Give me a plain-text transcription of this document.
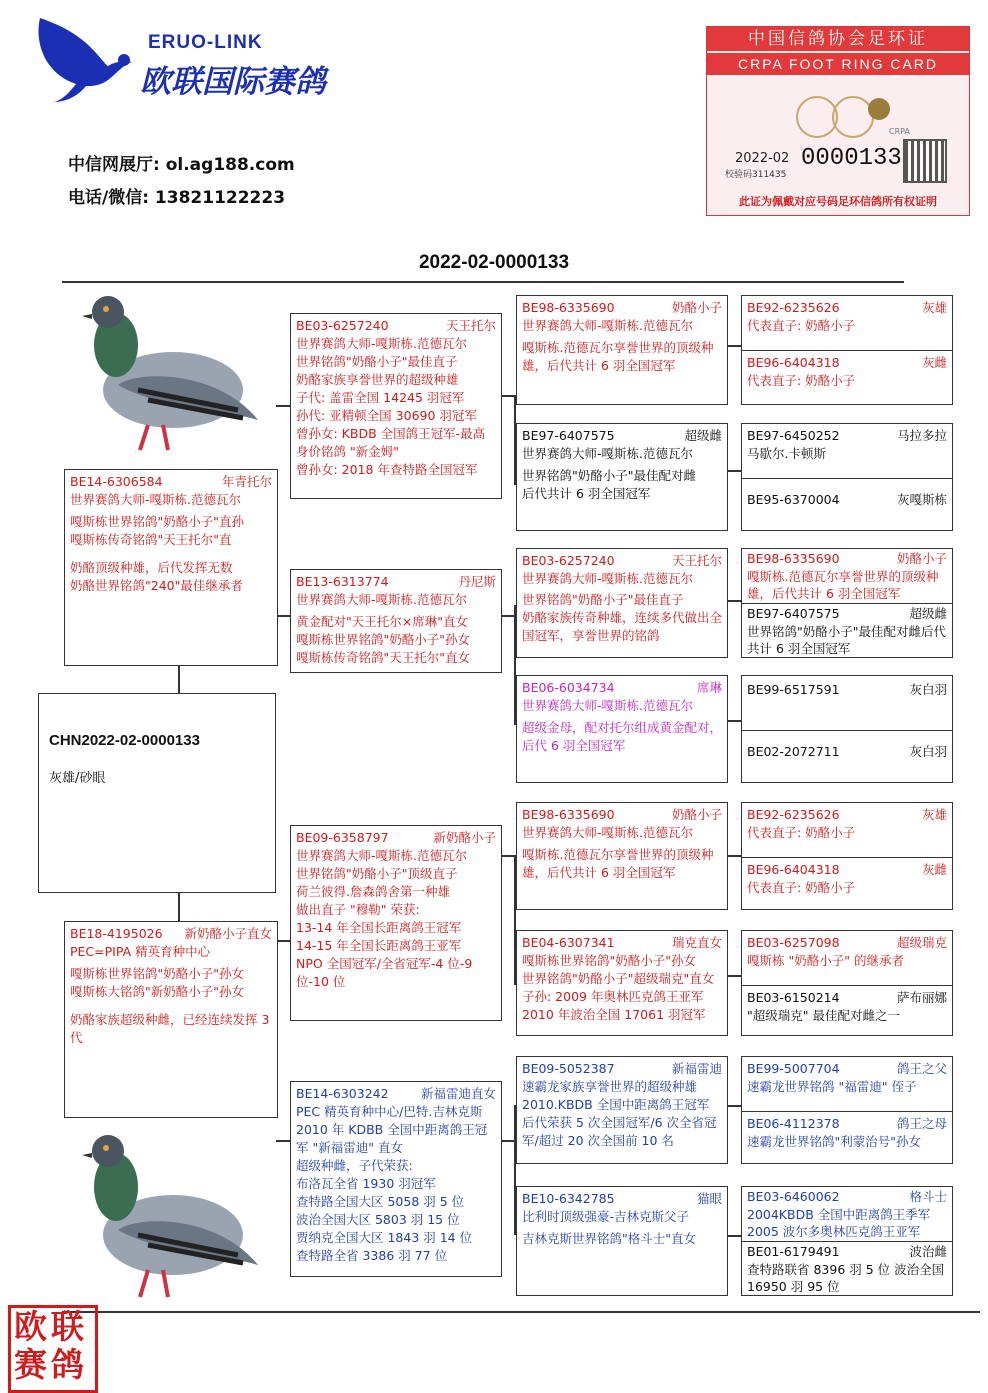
ERUO-LINK
欧联国际赛鸽
中信网展厅: ol.ag188.com
电话/微信: 13821122223
中国信鸽协会足环证
CRPA FOOT RING CARD
CRPA
2022-02
校验码311435
0000133
此证为佩戴对应号码足环信鸽所有权证明
2022-02-0000133
欧联赛鸽
CHN2022-02-0000133
灰雄/砂眼
BE14-6306584	年青托尔
世界赛鸽大师-嘎斯栋.范德瓦尔
嘎斯栋世界铭鸽"奶酪小子"直孙
嘎斯栋传奇铭鸽"天王托尔"直
奶酪顶级种雄，后代发挥无数
奶酪世界铭鸽"240"最佳继承者
BE18-4195026 新奶酪小子直女
PEC=PIPA 精英育种中心
嘎斯栋世界铭鸽"奶酪小子"孙女
嘎斯栋大铭鸽"新奶酪小子"孙女
奶酪家族超级种雌，已经连续发挥 3 代
BE03-6257240	天王托尔
世界赛鸽大师-嘎斯栋.范德瓦尔
世界铭鸽"奶酪小子"最佳直子
奶酪家族享誉世界的超级种雄
子代: 盖雷全国 14245 羽冠军
孙代: 亚精顿全国 30690 羽冠军
曾孙女: KBDB 全国鸽王冠军-最高身价铭鸽 "新金姆"
曾孙女: 2018 年查特路全国冠军
BE13-6313774	丹尼斯
世界赛鸽大师-嘎斯栋.范德瓦尔
黄金配对"天王托尔×席琳"直女
嘎斯栋世界铭鸽"奶酪小子"孙女
嘎斯栋传奇铭鸽"天王托尔"直女
BE09-6358797	新奶酪小子
世界赛鸽大师-嘎斯栋.范德瓦尔
世界铭鸽"奶酪小子"顶级直子
荷兰彼得.詹森鸽舍第一种雄
做出直子 "穆勒" 荣获:
13-14 年全国长距离鸽王冠军
14-15 年全国长距离鸽王亚军
NPO 全国冠军/全省冠军-4 位-9 位-10 位
BE14-6303242	新福雷迪直女
PEC 精英育种中心/巴特.吉林克斯
2010 年 KDBB 全国中距离鸽王冠军 "新福雷迪" 直女
超级种雌，子代荣获:
布洛瓦全省 1930 羽冠军
查特路全国大区 5058 羽 5 位
波治全国大区 5803 羽 15 位
贾纳克全国大区 1843 羽 14 位
查特路全省 3386 羽 77 位
BE98-6335690	奶酪小子
世界赛鸽大师-嘎斯栋.范德瓦尔
嘎斯栋.范德瓦尔享誉世界的顶级种雄，后代共计 6 羽全国冠军
BE97-6407575	超级雌
世界赛鸽大师-嘎斯栋.范德瓦尔
世界铭鸽"奶酪小子"最佳配对雌
后代共计 6 羽全国冠军
BE03-6257240	天王托尔
世界赛鸽大师-嘎斯栋.范德瓦尔
世界铭鸽"奶酪小子"最佳直子
奶酪家族传奇种雄，连续多代做出全国冠军，享誉世界的铭鸽
BE06-6034734	席琳
世界赛鸽大师-嘎斯栋.范德瓦尔
超级金母，配对托尔组成黄金配对，后代 6 羽全国冠军
BE98-6335690	奶酪小子
世界赛鸽大师-嘎斯栋.范德瓦尔
嘎斯栋.范德瓦尔享誉世界的顶级种雄，后代共计 6 羽全国冠军
BE04-6307341	瑞克直女
嘎斯栋世界铭鸽"奶酪小子"孙女
世界铭鸽"奶酪小子"超级瑞克"直女
子孙: 2009 年奥林匹克鸽王亚军
2010 年波治全国 17061 羽冠军
BE09-5052387	新福雷迪
速霸龙家族享誉世界的超级种雄
2010.KBDB 全国中距离鸽王冠军
后代荣获 5 次全国冠军/6 次全省冠军/超过 20 次全国前 10 名
BE10-6342785	猫眼
比利时顶级强豪-吉林克斯父子
吉林克斯世界铭鸽"格斗士"直女
BE92-6235626	灰雄
代表直子: 奶酪小子
BE96-6404318	灰雌
代表直子: 奶酪小子
BE97-6450252	马拉多拉
马歇尔.卡顿斯
BE95-6370004	灰嘎斯栋
BE98-6335690	奶酪小子
嘎斯栋.范德瓦尔享誉世界的顶级种雄，后代共计 6 羽全国冠军
BE97-6407575	超级雌
世界铭鸽"奶酪小子"最佳配对雌后代共计 6 羽全国冠军
BE99-6517591	灰白羽
BE02-2072711	灰白羽
BE92-6235626	灰雄
代表直子: 奶酪小子
BE96-6404318	灰雌
代表直子: 奶酪小子
BE03-6257098	超级瑞克
嘎斯栋 "奶酪小子" 的继承者
BE03-6150214	萨布丽娜
"超级瑞克" 最佳配对雌之一
BE99-5007704	鸽王之父
速霸龙世界铭鸽 "福雷迪" 侄子
BE06-4112378	鸽王之母
速霸龙世界铭鸽"利蒙治号"孙女
BE03-6460062	格斗士
2004KBDB 全国中距离鸽王季军 2005 波尔多奥林匹克鸽王亚军
BE01-6179491	波治雌
查特路联省 8396 羽 5 位 波治全国 16950 羽 95 位
